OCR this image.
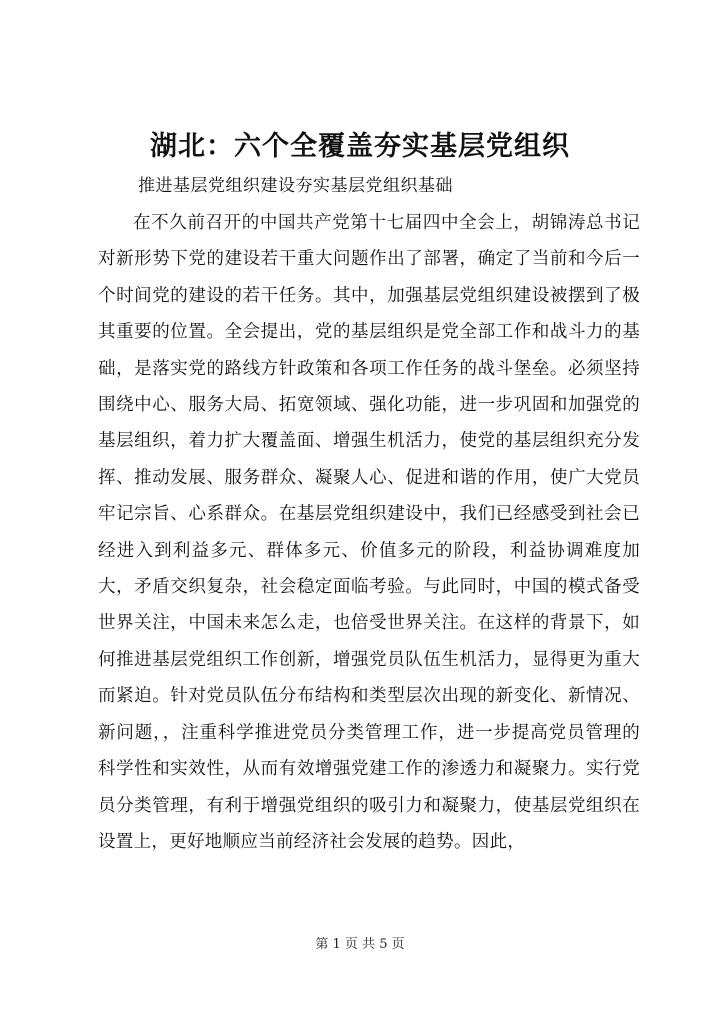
湖北：六个全覆盖夯实基层党组织

推进基层党组织建设夯实基层党组织基础

在不久前召开的中国共产党第十七届四中全会上，胡锦涛总书记对新形势下党的建设若干重大问题作出了部署，确定了当前和今后一个时间党的建设的若干任务。其中，加强基层党组织建设被摆到了极其重要的位置。全会提出，党的基层组织是党全部工作和战斗力的基础，是落实党的路线方针政策和各项工作任务的战斗堡垒。必须坚持围绕中心、服务大局、拓宽领域、强化功能，进一步巩固和加强党的基层组织，着力扩大覆盖面、增强生机活力，使党的基层组织充分发挥、推动发展、服务群众、凝聚人心、促进和谐的作用，使广大党员牢记宗旨、心系群众。在基层党组织建设中，我们已经感受到社会已经进入到利益多元、群体多元、价值多元的阶段，利益协调难度加大，矛盾交织复杂，社会稳定面临考验。与此同时，中国的模式备受世界关注，中国未来怎么走，也倍受世界关注。在这样的背景下，如何推进基层党组织工作创新，增强党员队伍生机活力，显得更为重大而紧迫。针对党员队伍分布结构和类型层次出现的新变化、新情况、新问题，，注重科学推进党员分类管理工作，进一步提高党员管理的科学性和实效性，从而有效增强党建工作的渗透力和凝聚力。实行党员分类管理，有利于增强党组织的吸引力和凝聚力，使基层党组织在设置上，更好地顺应当前经济社会发展的趋势。因此，

第 1 页 共 5 页
